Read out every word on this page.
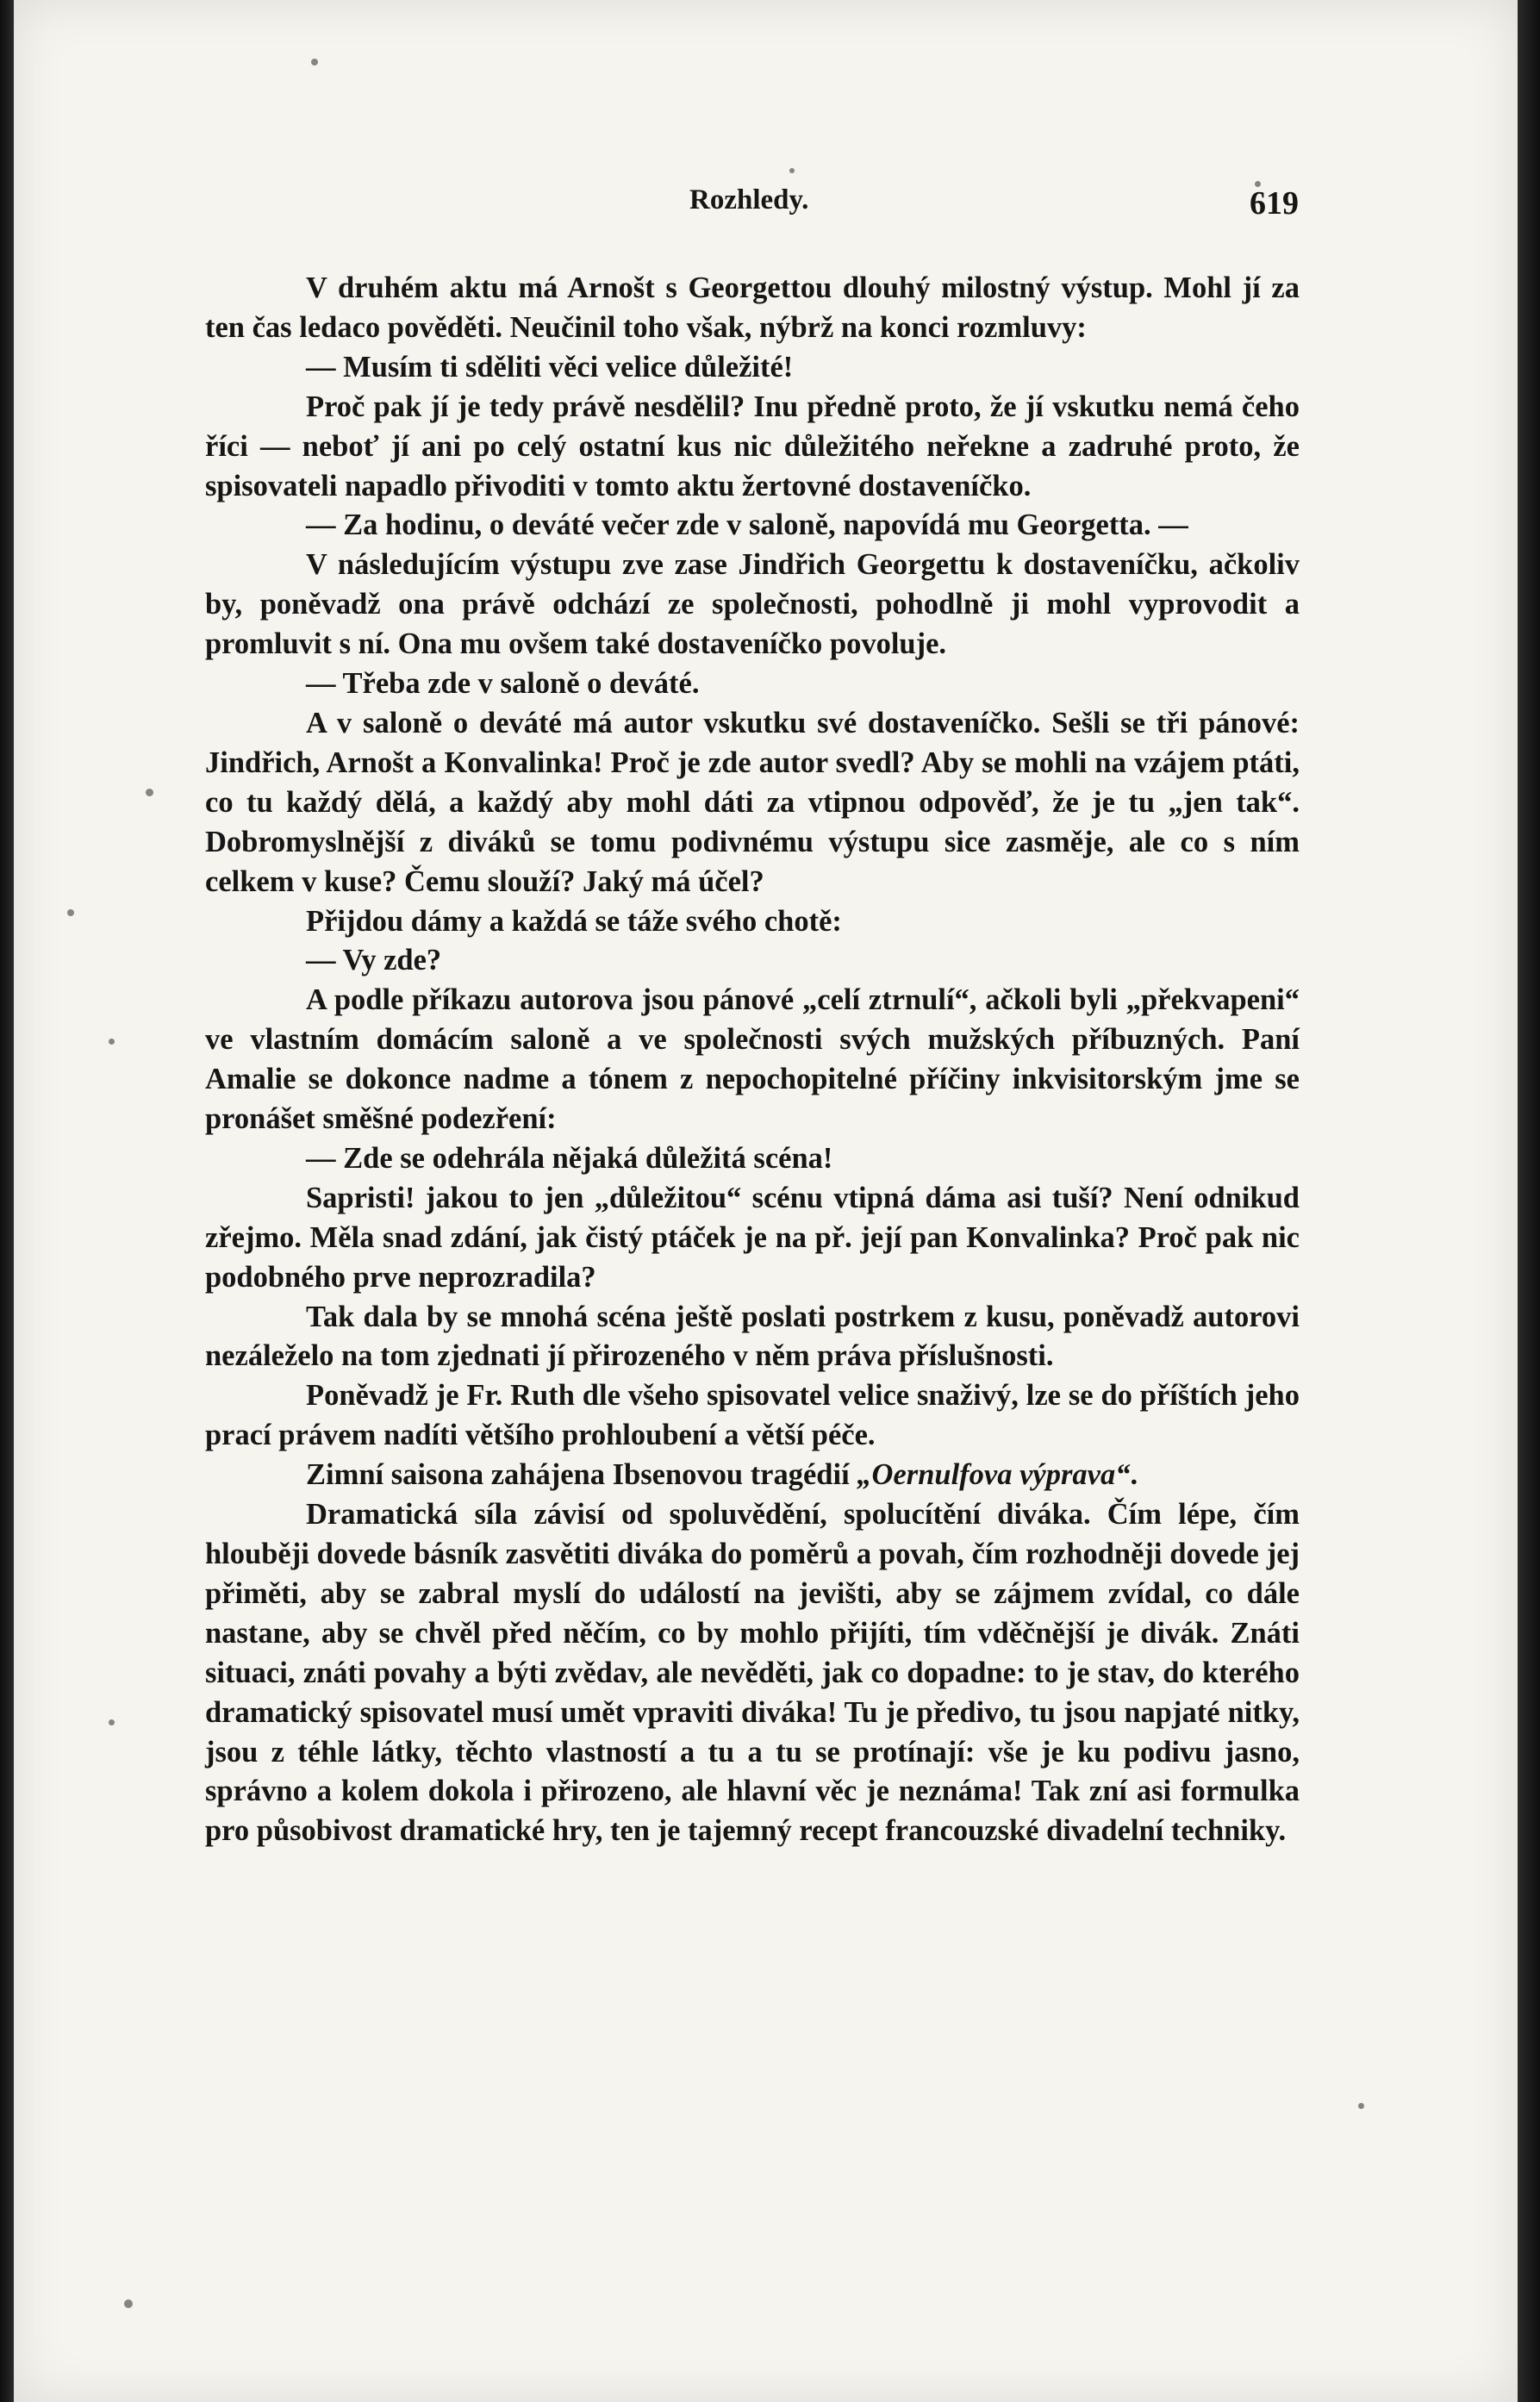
Rozhledy.	619

V druhém aktu má Arnošt s Georgettou dlouhý milostný výstup. Mohl jí za ten čas ledaco pověděti. Neučinil toho však, nýbrž na konci rozmluvy:

— Musím ti sděliti věci velice důležité!

Proč pak jí je tedy právě nesdělil? Inu předně proto, že jí vskutku nemá čeho říci — neboť jí ani po celý ostatní kus nic důležitého neřekne a zadruhé proto, že spisovateli napadlo přivoditi v tomto aktu žertovné dostaveníčko.

— Za hodinu, o deváté večer zde v saloně, napovídá mu Georgetta. —

V následujícím výstupu zve zase Jindřich Georgettu k dostaveníčku, ačkoliv by, poněvadž ona právě odchází ze společnosti, pohodlně ji mohl vyprovodit a promluvit s ní. Ona mu ovšem také dostaveníčko povoluje.

— Třeba zde v saloně o deváté.

A v saloně o deváté má autor vskutku své dostaveníčko. Sešli se tři pánové: Jindřich, Arnošt a Konvalinka! Proč je zde autor svedl? Aby se mohli na vzájem ptáti, co tu každý dělá, a každý aby mohl dáti za vtipnou odpověď, že je tu „jen tak“. Dobromyslnější z diváků se tomu podivnému výstupu sice zasměje, ale co s ním celkem v kuse? Čemu slouží? Jaký má účel?

Přijdou dámy a každá se táže svého chotě:

— Vy zde?

A podle příkazu autorova jsou pánové „celí ztrnulí“, ačkoli byli „překvapeni“ ve vlastním domácím saloně a ve společnosti svých mužských příbuzných. Paní Amalie se dokonce nadme a tónem z nepochopitelné příčiny inkvisitorským jme se pronášet směšné podezření:

— Zde se odehrála nějaká důležitá scéna!

Sapristi! jakou to jen „důležitou“ scénu vtipná dáma asi tuší? Není odnikud zřejmo. Měla snad zdání, jak čistý ptáček je na př. její pan Konvalinka? Proč pak nic podobného prve neprozradila?

Tak dala by se mnohá scéna ještě poslati postrkem z kusu, poněvadž autorovi nezáleželo na tom zjednati jí přirozeného v něm práva příslušnosti.

Poněvadž je Fr. Ruth dle všeho spisovatel velice snaživý, lze se do příštích jeho prací právem nadíti většího prohloubení a větší péče.

Zimní saisona zahájena Ibsenovou tragédií „Oernulfova výprava“.

Dramatická síla závisí od spoluvědění, spolucítění diváka. Čím lépe, čím hlouběji dovede básník zasvětiti diváka do poměrů a povah, čím rozhodněji dovede jej přiměti, aby se zabral myslí do událostí na jevišti, aby se zájmem zvídal, co dále nastane, aby se chvěl před něčím, co by mohlo přijíti, tím vděčnější je divák. Znáti situaci, znáti povahy a býti zvědav, ale nevěděti, jak co dopadne: to je stav, do kterého dramatický spisovatel musí umět vpraviti diváka! Tu je předivo, tu jsou napjaté nitky, jsou z téhle látky, těchto vlastností a tu a tu se protínají: vše je ku podivu jasno, správno a kolem dokola i přirozeno, ale hlavní věc je neznáma! Tak zní asi formulka pro působivost dramatické hry, ten je tajemný recept francouzské divadelní techniky.
